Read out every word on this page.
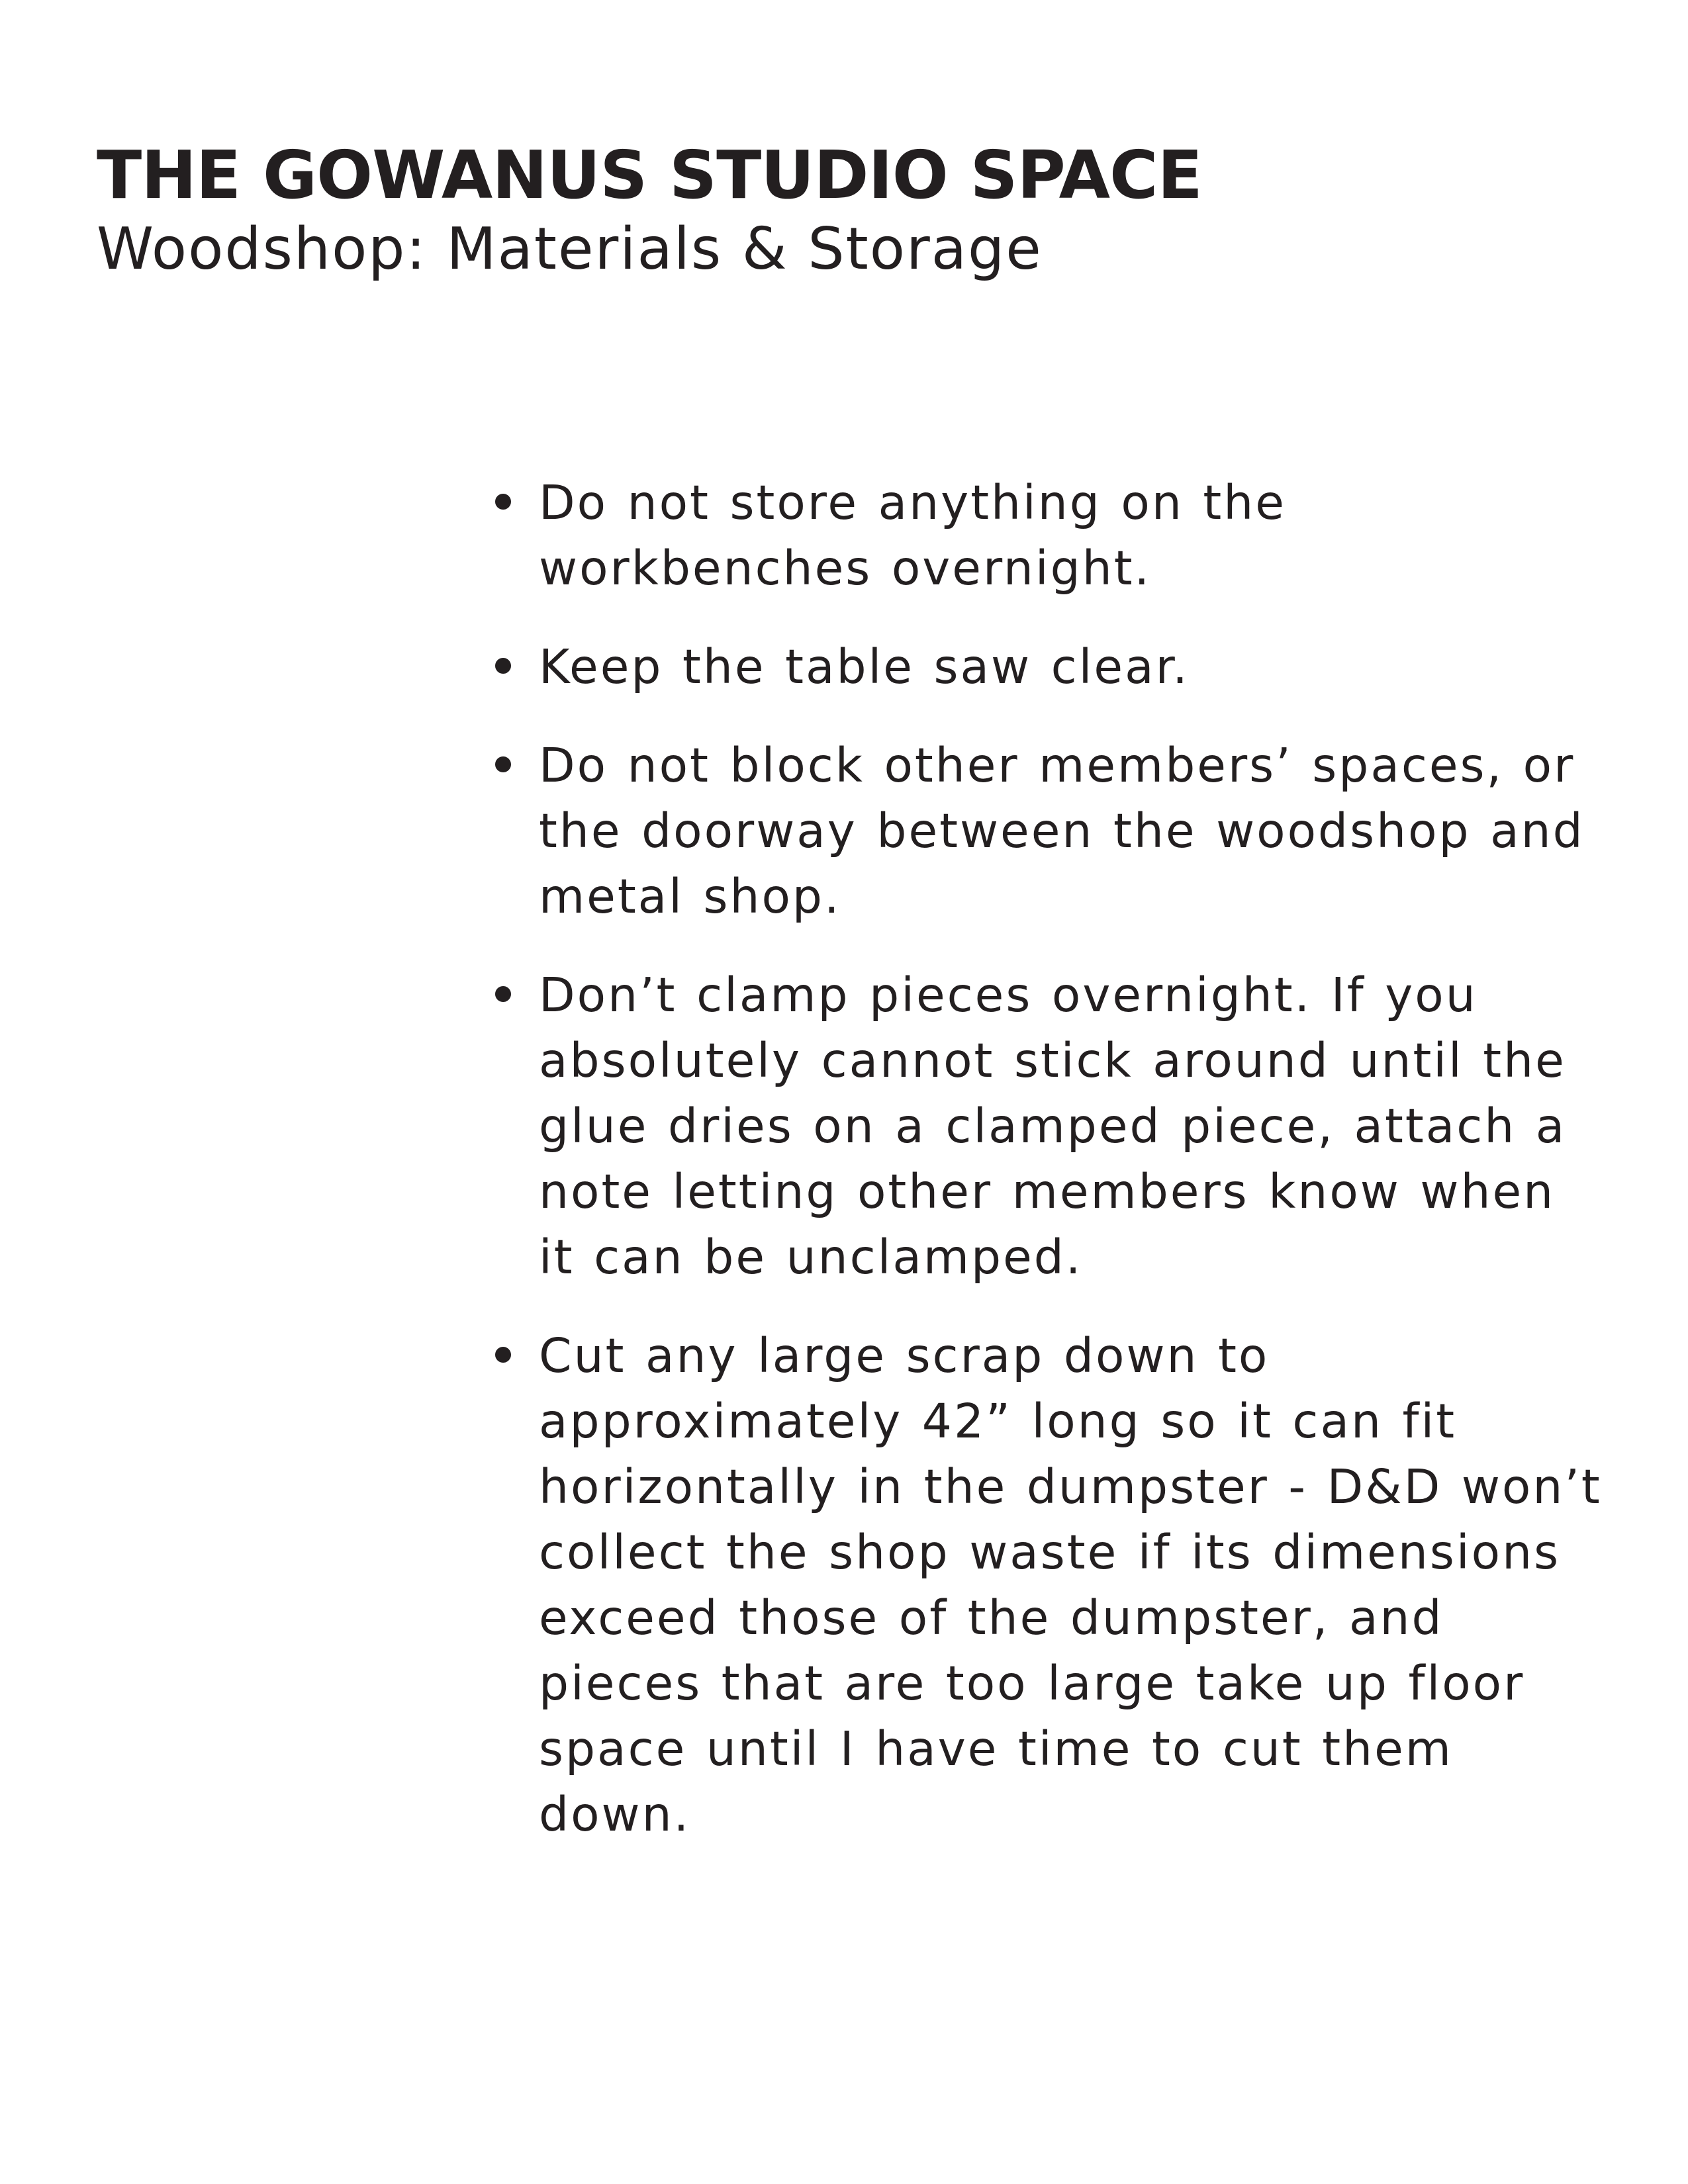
THE GOWANUS STUDIO SPACE
Woodshop: Materials & Storage
Do not store anything on the workbenches overnight.
Keep the table saw clear.
Do not block other members’ spaces, or the doorway between the woodshop and metal shop.
Don’t clamp pieces overnight. If you absolutely cannot stick around until the glue dries on a clamped piece, attach a note letting other members know when it can be unclamped.
Cut any large scrap down to approximately 42” long so it can fit horizontally in the dumpster - D&D won’t collect the shop waste if its dimensions exceed those of the dumpster, and pieces that are too large take up floor space until I have time to cut them down.
